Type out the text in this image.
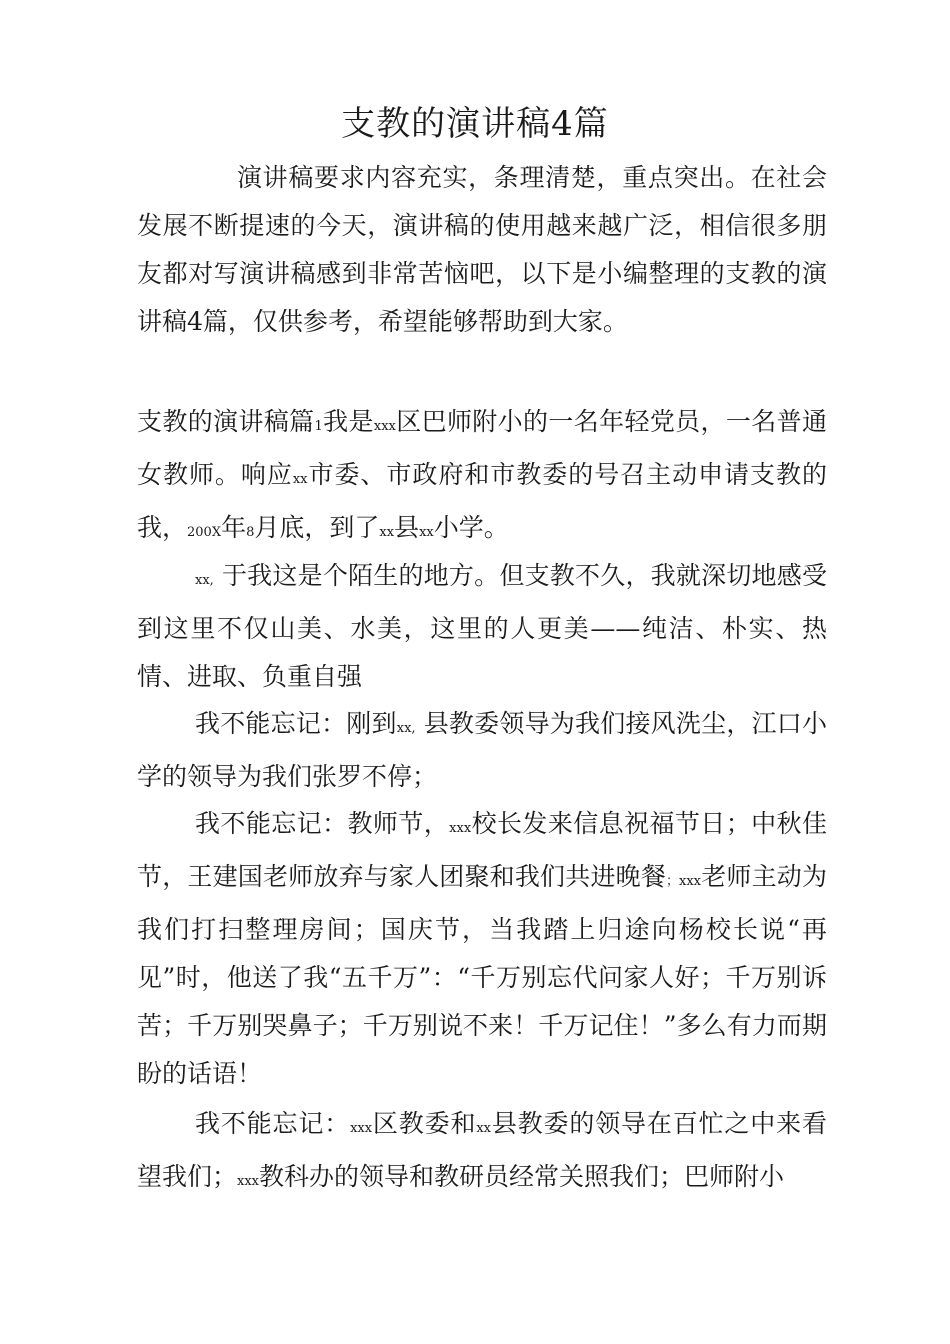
支教的演讲稿4篇
演讲稿要求内容充实，条理清楚，重点突出。在社会发展不断提速的今天，演讲稿的使用越来越广泛，相信很多朋友都对写演讲稿感到非常苦恼吧，以下是小编整理的支教的演讲稿4篇，仅供参考，希望能够帮助到大家。
支教的演讲稿篇1我是xxx区巴师附小的一名年轻党员，一名普通女教师。响应xx市委、市政府和市教委的号召主动申请支教的我，200X年8月底，到了xx县xx小学。
xx, 于我这是个陌生的地方。但支教不久，我就深切地感受到这里不仅山美、水美，这里的人更美——纯洁、朴实、热情、进取、负重自强
我不能忘记：刚到xx, 县教委领导为我们接风洗尘，江口小学的领导为我们张罗不停；
我不能忘记：教师节，xxx校长发来信息祝福节日；中秋佳节，王建国老师放弃与家人团聚和我们共进晚餐；xxx老师主动为我们打扫整理房间；国庆节，当我踏上归途向杨校长说“再见”时，他送了我“五千万”：“千万别忘代问家人好；千万别诉苦；千万别哭鼻子；千万别说不来！千万记住！”多么有力而期盼的话语！
我不能忘记：xxx区教委和xx县教委的领导在百忙之中来看望我们；xxx教科办的领导和教研员经常关照我们；巴师附小
